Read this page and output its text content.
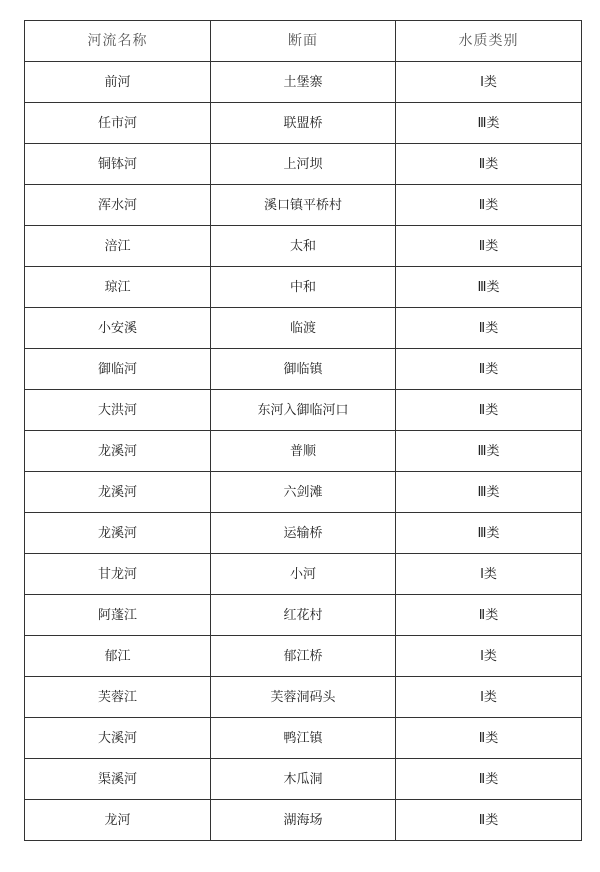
河流名称	断面	水质类别
前河	土堡寨	Ⅰ类
任市河	联盟桥	Ⅲ类
铜钵河	上河坝	Ⅱ类
浑水河	溪口镇平桥村	Ⅱ类
涪江	太和	Ⅱ类
琼江	中和	Ⅲ类
小安溪	临渡	Ⅱ类
御临河	御临镇	Ⅱ类
大洪河	东河入御临河口	Ⅱ类
龙溪河	普顺	Ⅲ类
龙溪河	六剑滩	Ⅲ类
龙溪河	运输桥	Ⅲ类
甘龙河	小河	Ⅰ类
阿蓬江	红花村	Ⅱ类
郁江	郁江桥	Ⅰ类
芙蓉江	芙蓉洞码头	Ⅰ类
大溪河	鸭江镇	Ⅱ类
渠溪河	木瓜洞	Ⅱ类
龙河	湖海场	Ⅱ类
